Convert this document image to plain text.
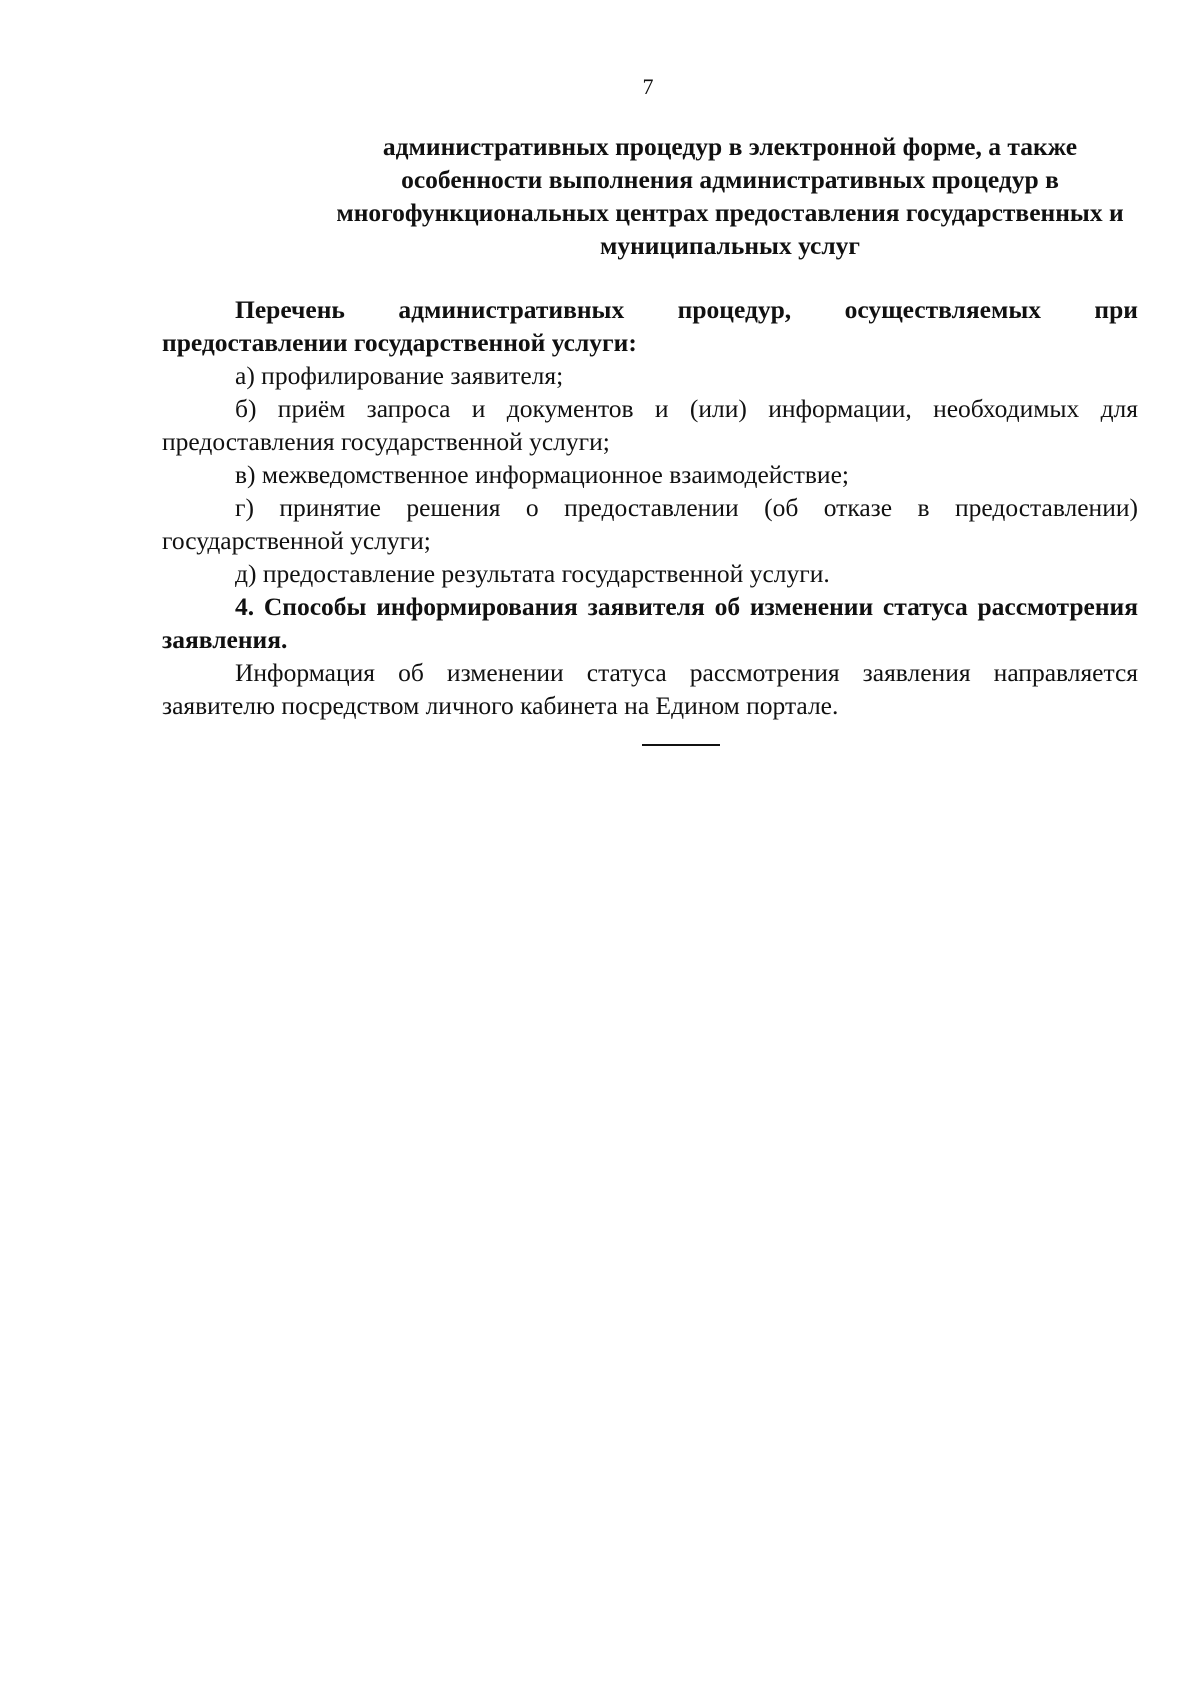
7
административных процедур в электронной форме, а также особенности выполнения административных процедур в многофункциональных центрах предоставления государственных и муниципальных услуг

Перечень административных процедур, осуществляемых при предоставлении государственной услуги:

а) профилирование заявителя;

б) приём запроса и документов и (или) информации, необходимых для предоставления государственной услуги;

в) межведомственное информационное взаимодействие;

г) принятие решения о предоставлении (об отказе в предоставлении) государственной услуги;

д) предоставление результата государственной услуги.

4. Способы информирования заявителя об изменении статуса рассмотрения заявления.

Информация об изменении статуса рассмотрения заявления направляется заявителю посредством личного кабинета на Едином портале.
